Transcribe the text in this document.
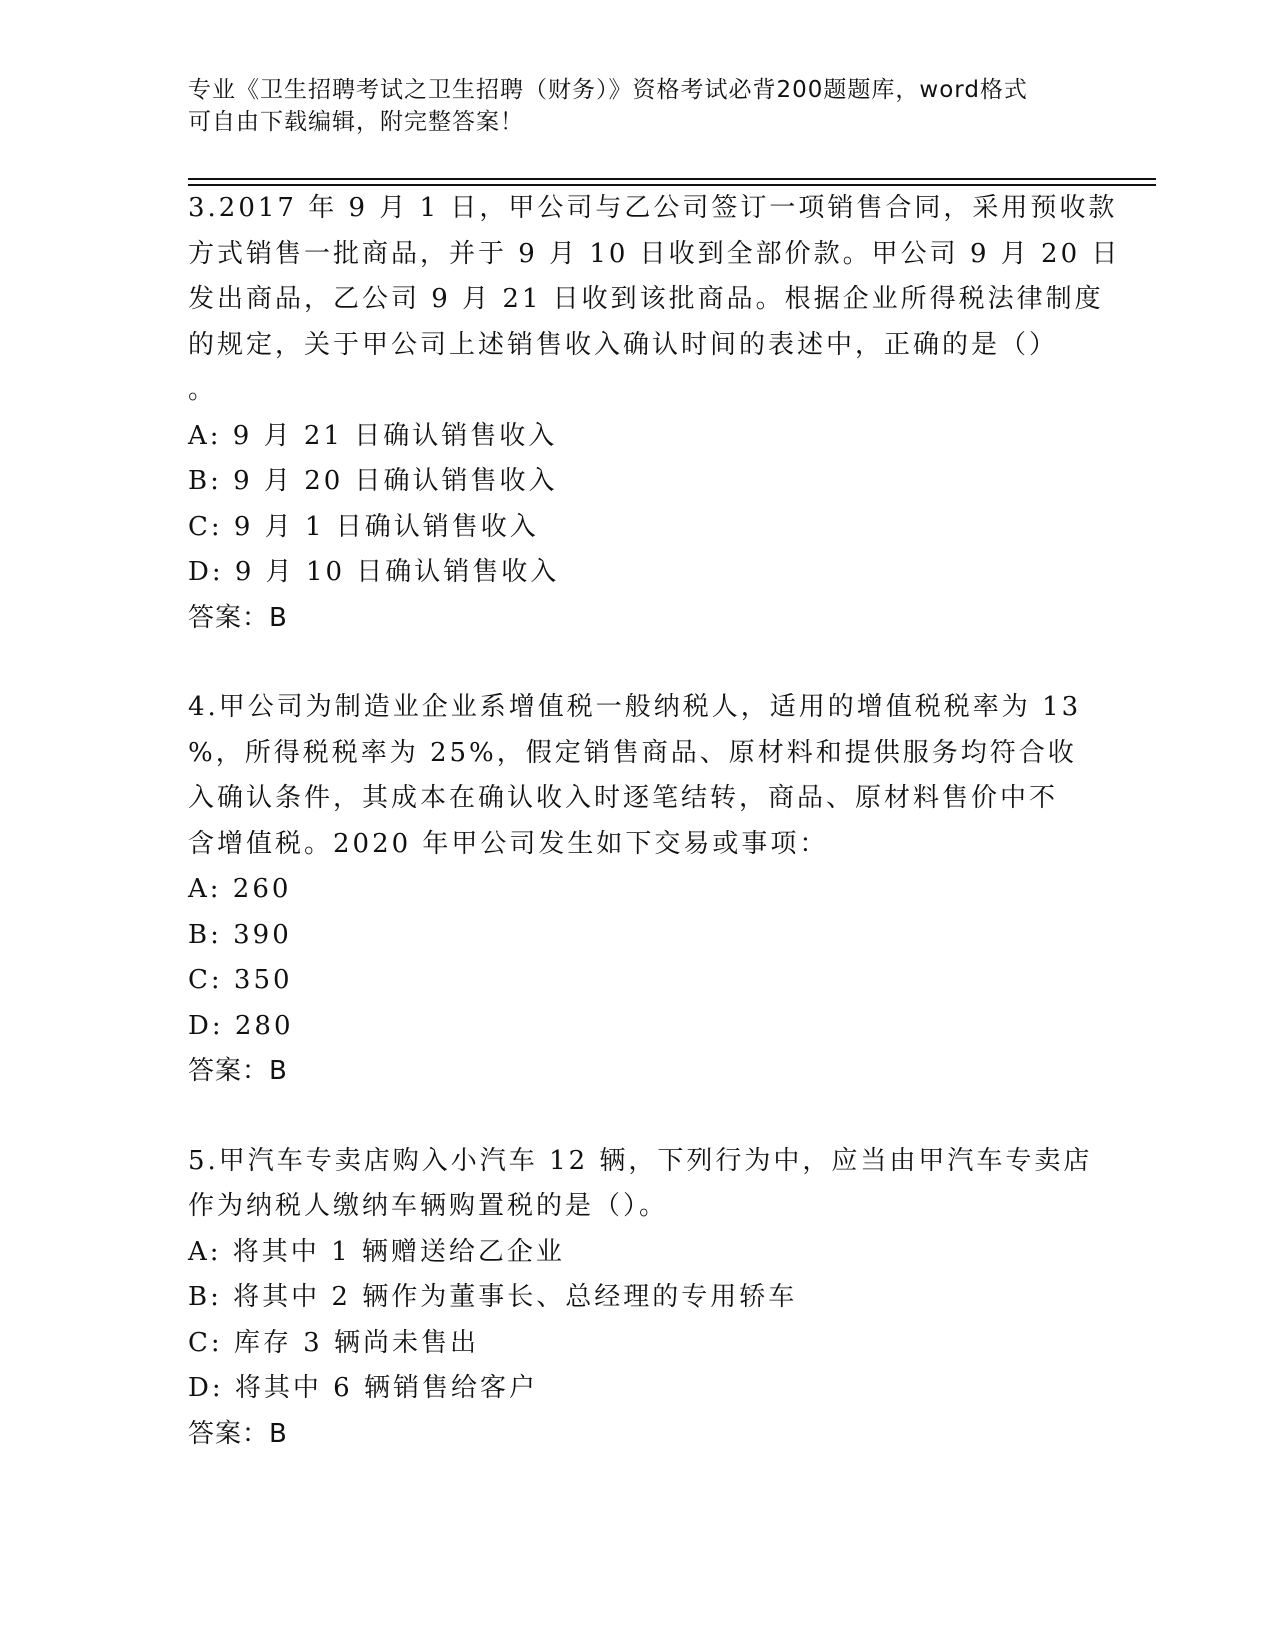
专业《卫生招聘考试之卫生招聘（财务）》资格考试必背200题题库，word格式
可自由下载编辑，附完整答案！
3.2017 年 9 月 1 日，甲公司与乙公司签订一项销售合同，采用预收款
方式销售一批商品，并于 9 月 10 日收到全部价款。甲公司 9 月 20 日
发出商品，乙公司 9 月 21 日收到该批商品。根据企业所得税法律制度
的规定，关于甲公司上述销售收入确认时间的表述中，正确的是（）
。
A: 9 月 21 日确认销售收入
B: 9 月 20 日确认销售收入
C: 9 月 1 日确认销售收入
D: 9 月 10 日确认销售收入
答案：B
4.甲公司为制造业企业系增值税一般纳税人，适用的增值税税率为 13
%，所得税税率为 25%，假定销售商品、原材料和提供服务均符合收
入确认条件，其成本在确认收入时逐笔结转，商品、原材料售价中不
含增值税。2020 年甲公司发生如下交易或事项：
A: 260
B: 390
C: 350
D: 280
答案：B
5.甲汽车专卖店购入小汽车 12 辆，下列行为中，应当由甲汽车专卖店
作为纳税人缴纳车辆购置税的是（）。
A: 将其中 1 辆赠送给乙企业
B: 将其中 2 辆作为董事长、总经理的专用轿车
C: 库存 3 辆尚未售出
D: 将其中 6 辆销售给客户
答案：B
